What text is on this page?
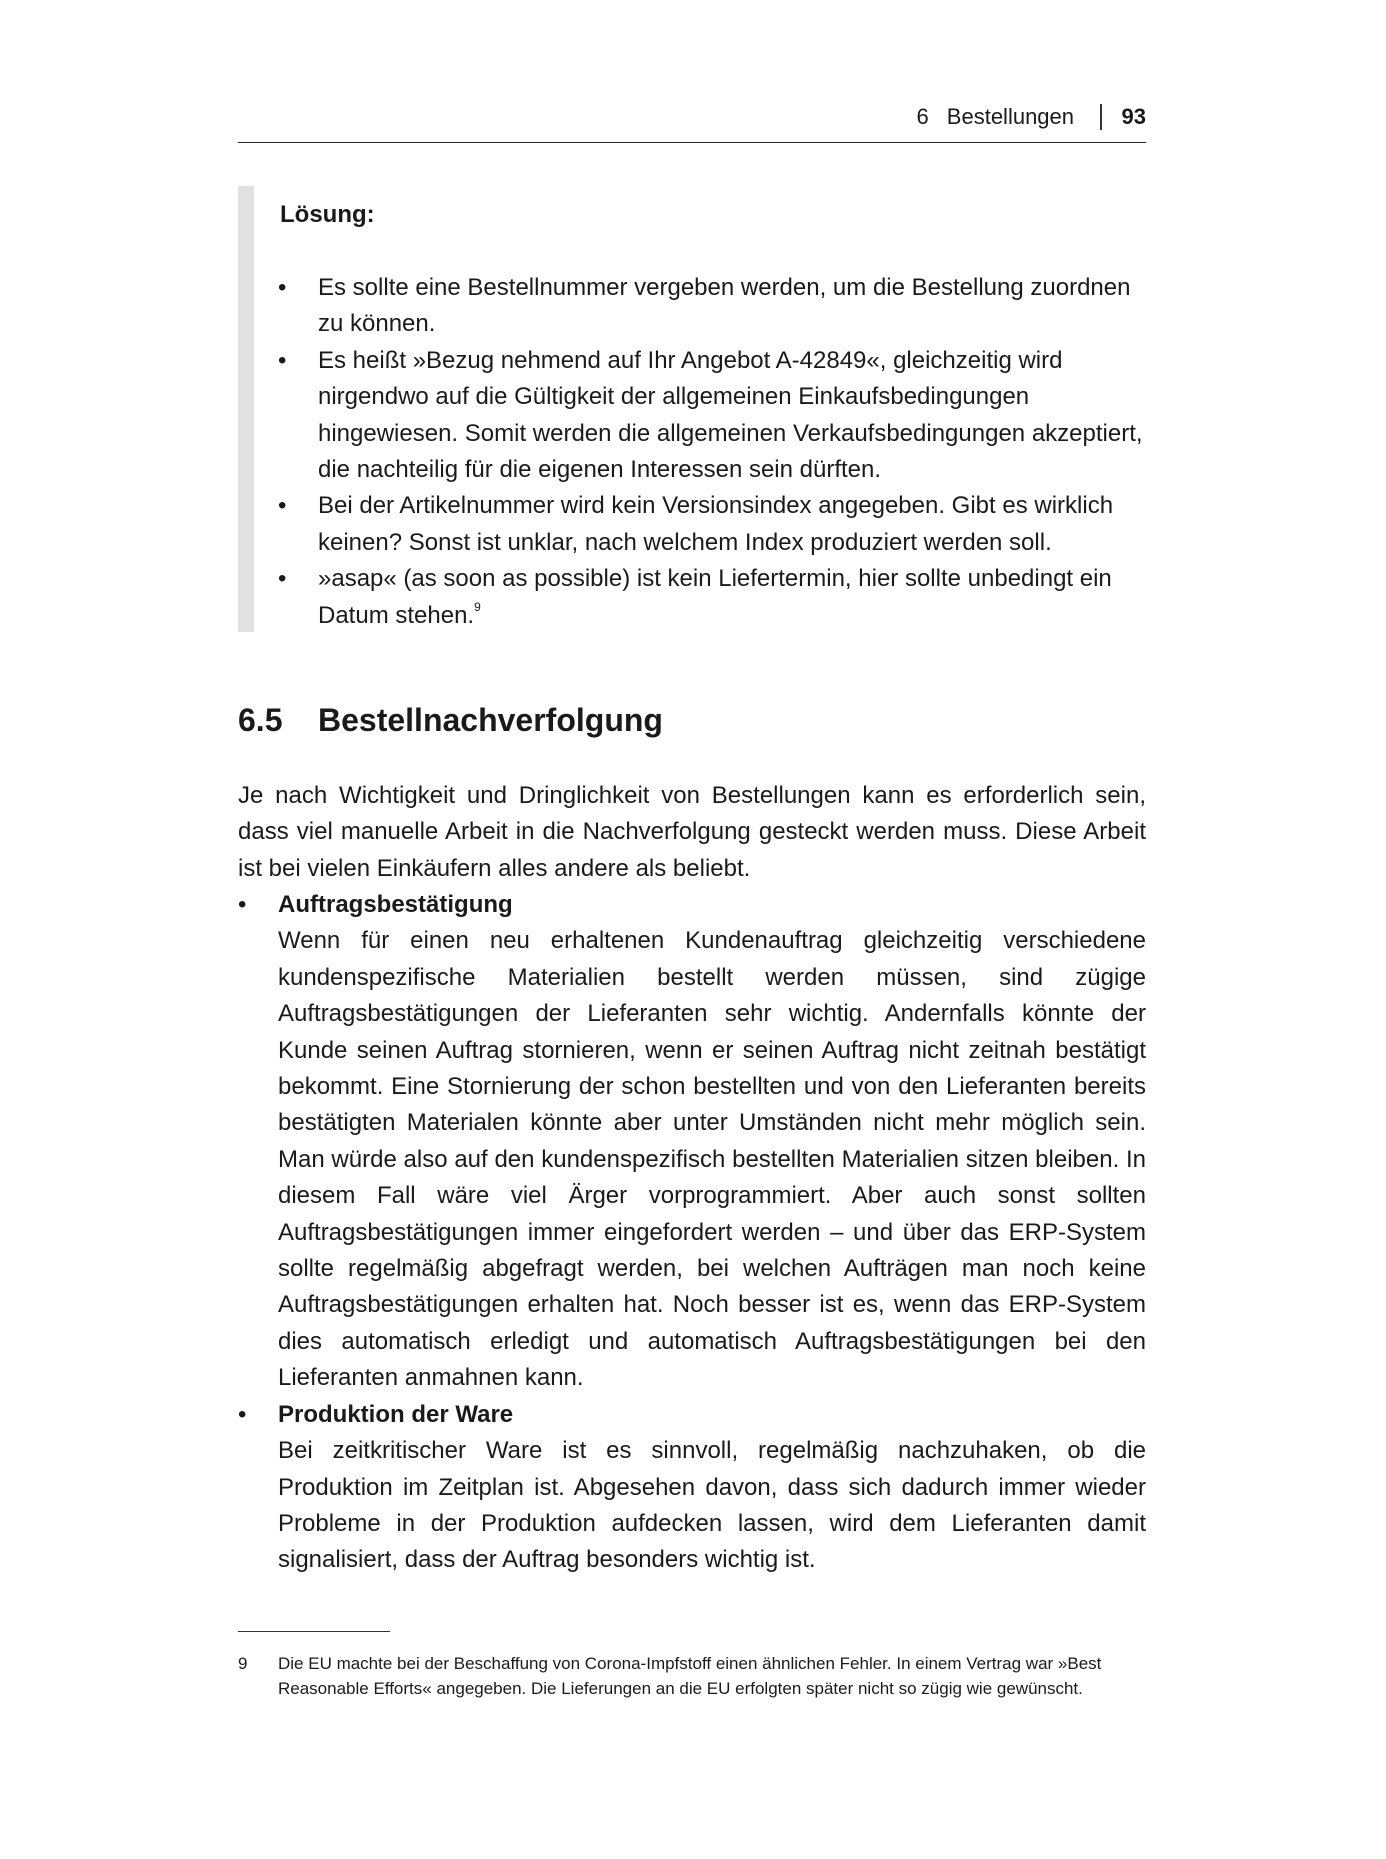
6 Bestellungen 93
Lösung:
• Es sollte eine Bestellnummer vergeben werden, um die Bestellung zuordnen zu können.
• Es heißt »Bezug nehmend auf Ihr Angebot A-42849«, gleichzeitig wird nirgendwo auf die Gültigkeit der allgemeinen Einkaufsbedingungen hingewiesen. Somit werden die allgemeinen Verkaufsbedingungen akzeptiert, die nachteilig für die eigenen Interessen sein dürften.
• Bei der Artikelnummer wird kein Versionsindex angegeben. Gibt es wirklich keinen? Sonst ist unklar, nach welchem Index produziert werden soll.
• »asap« (as soon as possible) ist kein Liefertermin, hier sollte unbedingt ein Datum stehen.$^9$
6.5 Bestellnachverfolgung

Je nach Wichtigkeit und Dringlichkeit von Bestellungen kann es erforderlich sein, dass viel manuelle Arbeit in die Nachverfolgung gesteckt werden muss. Diese Arbeit ist bei vielen Einkäufern alles andere als beliebt.

• Auftragsbestätigung
Wenn für einen neu erhaltenen Kundenauftrag gleichzeitig verschiedene kundenspezifische Materialien bestellt werden müssen, sind zügige Auftragsbestätigungen der Lieferanten sehr wichtig. Andernfalls könnte der Kunde seinen Auftrag stornieren, wenn er seinen Auftrag nicht zeitnah bestätigt bekommt. Eine Stornierung der schon bestellten und von den Lieferanten bereits bestätigten Materialen könnte aber unter Umständen nicht mehr möglich sein. Man würde also auf den kundenspezifisch bestellten Materialien sitzen bleiben. In diesem Fall wäre viel Ärger vorprogrammiert. Aber auch sonst sollten Auftragsbestätigungen immer eingefordert werden – und über das ERP-System sollte regelmäßig abgefragt werden, bei welchen Aufträgen man noch keine Auftragsbestätigungen erhalten hat. Noch besser ist es, wenn das ERP-System dies automatisch erledigt und automatisch Auftragsbestätigungen bei den Lieferanten anmahnen kann.
• Produktion der Ware
Bei zeitkritischer Ware ist es sinnvoll, regelmäßig nachzuhaken, ob die Produktion im Zeitplan ist. Abgesehen davon, dass sich dadurch immer wieder Probleme in der Produktion aufdecken lassen, wird dem Lieferanten damit signalisiert, dass der Auftrag besonders wichtig ist.
9 Die EU machte bei der Beschaffung von Corona-Impfstoff einen ähnlichen Fehler. In einem Vertrag war »Best Reasonable Efforts« angegeben. Die Lieferungen an die EU erfolgten später nicht so zügig wie gewünscht.
